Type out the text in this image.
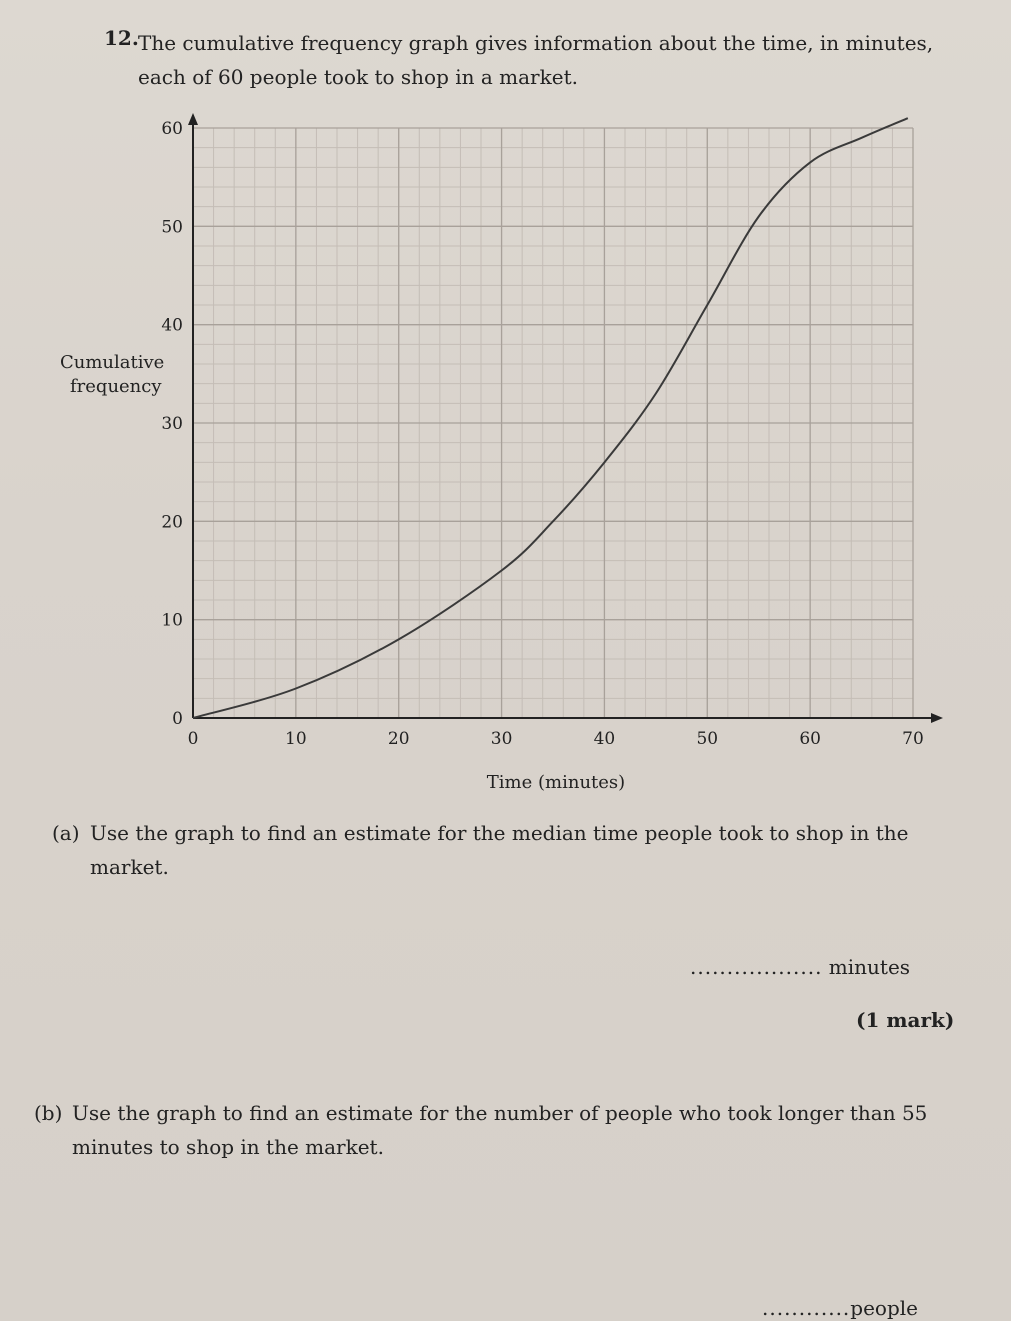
12. The cumulative frequency graph gives information about the time, in minutes, each of 60 people took to shop in a market.
0	10	20	30	40	50	60	70
0
10
20
30
40
50
60
Time (minutes)
Cumulative
frequency
(a) Use the graph to find an estimate for the median time people took to shop in the market.
.................. minutes
(1 mark)
(b) Use the graph to find an estimate for the number of people who took longer than 55 minutes to shop in the market.
............people
